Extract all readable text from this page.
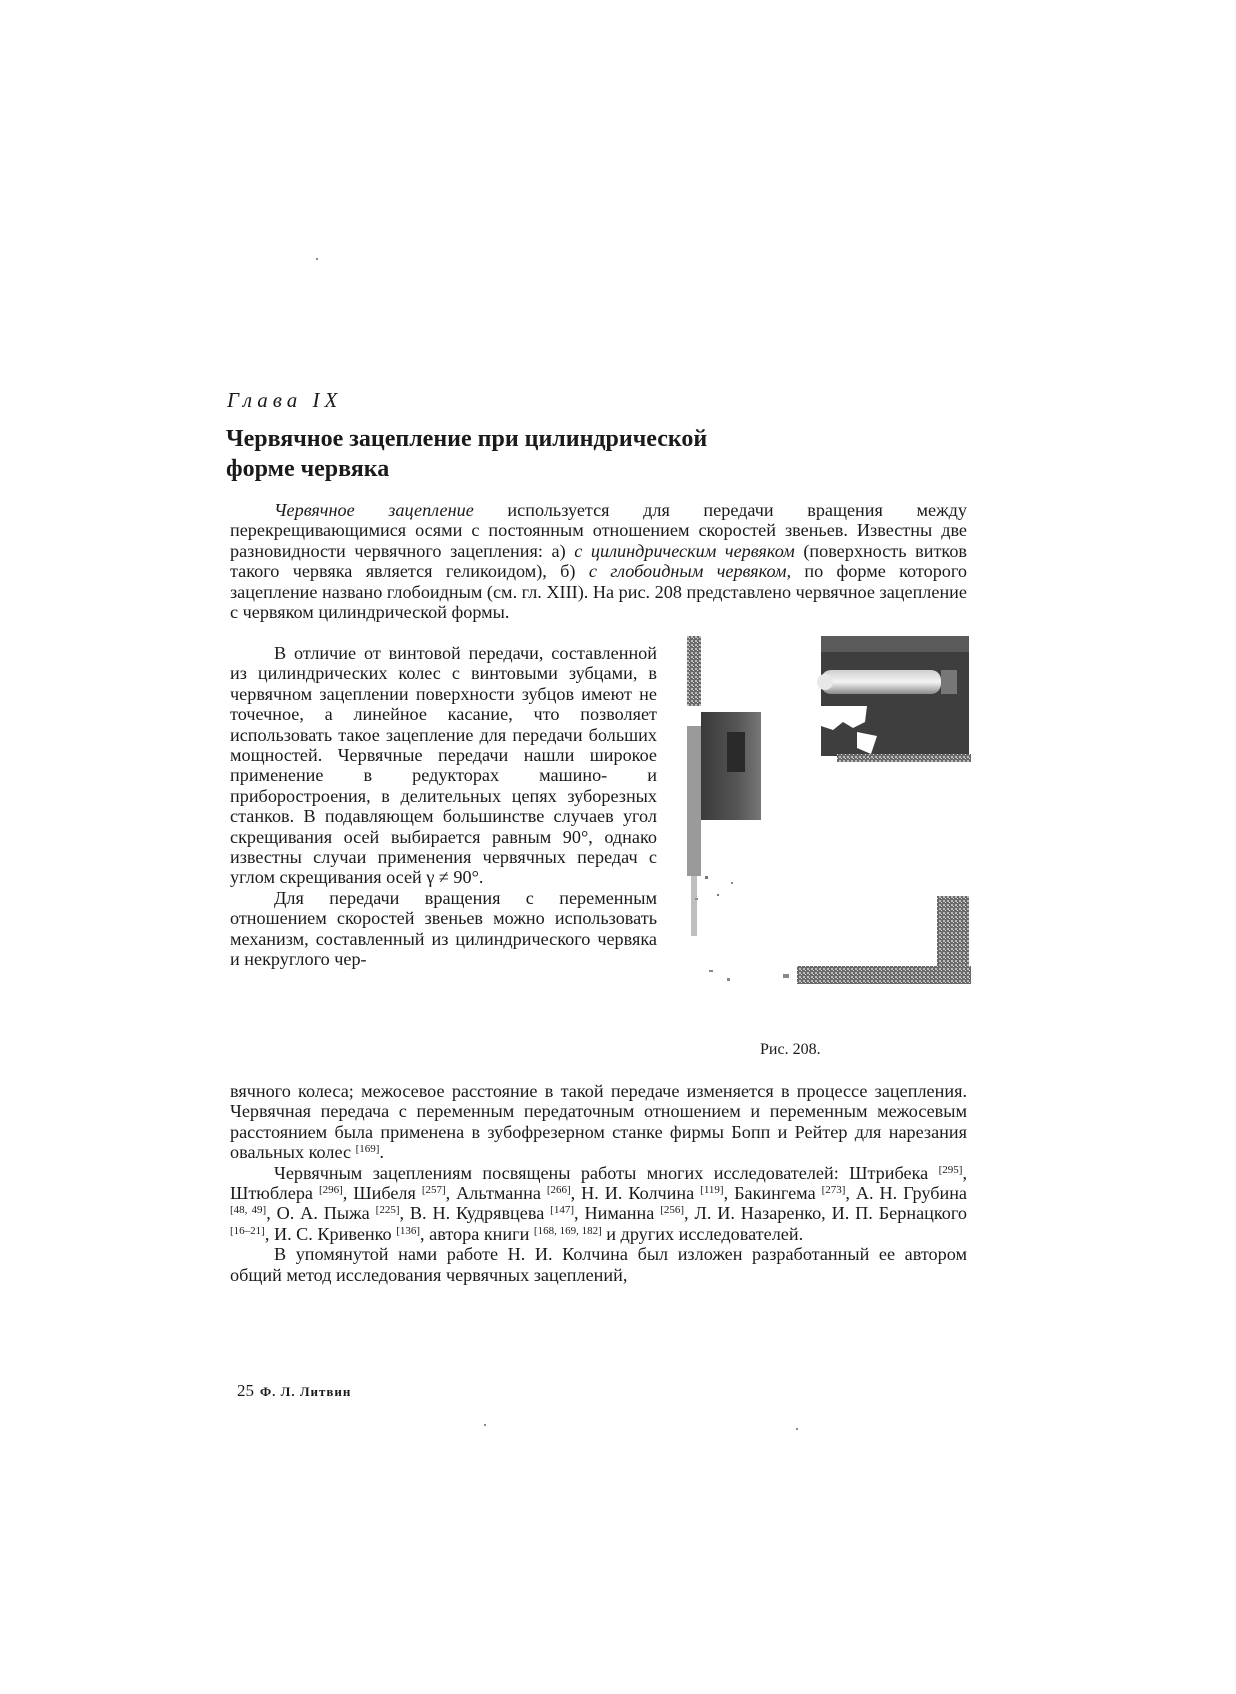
Глава IX
Червячное зацепление при цилиндрической
форме червяка

Червячное зацепление используется для передачи вращения между перекрещивающимися осями с постоянным отношением скоростей звеньев. Известны две разновидности червячного зацепления: а) с цилиндрическим червяком (поверхность витков такого червяка является геликоидом), б) с глобоидным червяком, по форме которого зацепление названо глобоидным (см. гл. XIII). На рис. 208 представлено червячное зацепление с червяком цилиндрической формы.

В отличие от винтовой передачи, составленной из цилиндрических колес с винтовыми зубцами, в червячном зацеплении поверхности зубцов имеют не точечное, а линейное касание, что позволяет использовать такое зацепление для передачи больших мощностей. Червячные передачи нашли широкое применение в редукторах машино- и приборостроения, в делительных цепях зуборезных станков. В подавляющем большинстве случаев угол скрещивания осей выбирается равным 90°, однако известны случаи применения червячных передач с углом скрещивания осей γ ≠ 90°.

Для передачи вращения с переменным отношением скоростей звеньев можно использовать механизм, составленный из цилиндрического червяка и некруглого чер-

Рис. 208.

вячного колеса; межосевое расстояние в такой передаче изменяется в процессе зацепления. Червячная передача с переменным передаточным отношением и переменным межосевым расстоянием была применена в зубофрезерном станке фирмы Бопп и Рейтер для нарезания овальных колес [169].

Червячным зацеплениям посвящены работы многих исследователей: Штрибека [295], Штюблера [296], Шибеля [257], Альтманна [266], Н. И. Колчина [119], Бакингема [273], А. Н. Грубина [48, 49], О. А. Пыжа [225], В. Н. Кудрявцева [147], Ниманна [256], Л. И. Назаренко, И. П. Бернацкого [16–21], И. С. Кривенко [136], автора книги [168, 169, 182] и других исследователей.

В упомянутой нами работе Н. И. Колчина был изложен разработанный ее автором общий метод исследования червячных зацеплений,

25 Ф. Л. Литвин
